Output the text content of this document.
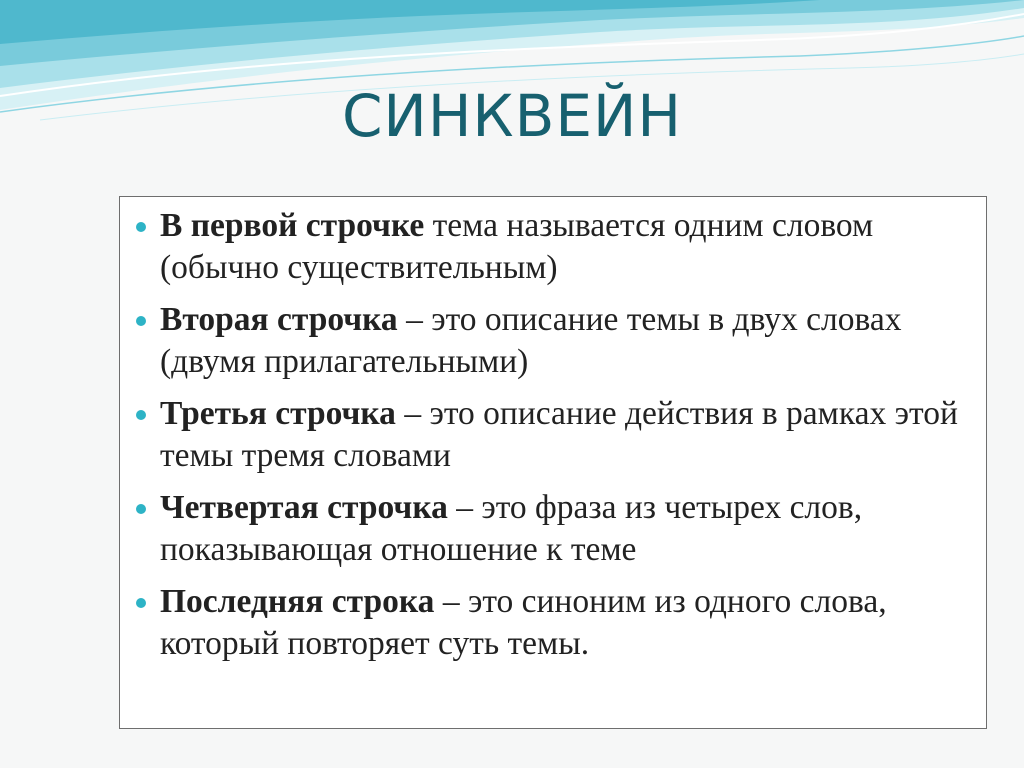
СИНКВЕЙН
В первой строчке тема называется одним словом (обычно существительным)
Вторая строчка – это описание темы в двух словах (двумя прилагательными)
Третья строчка – это описание действия в рамках этой темы тремя словами
Четвертая строчка – это фраза из четырех слов, показывающая отношение к теме
Последняя строка – это синоним из одного слова, который повторяет суть темы.
